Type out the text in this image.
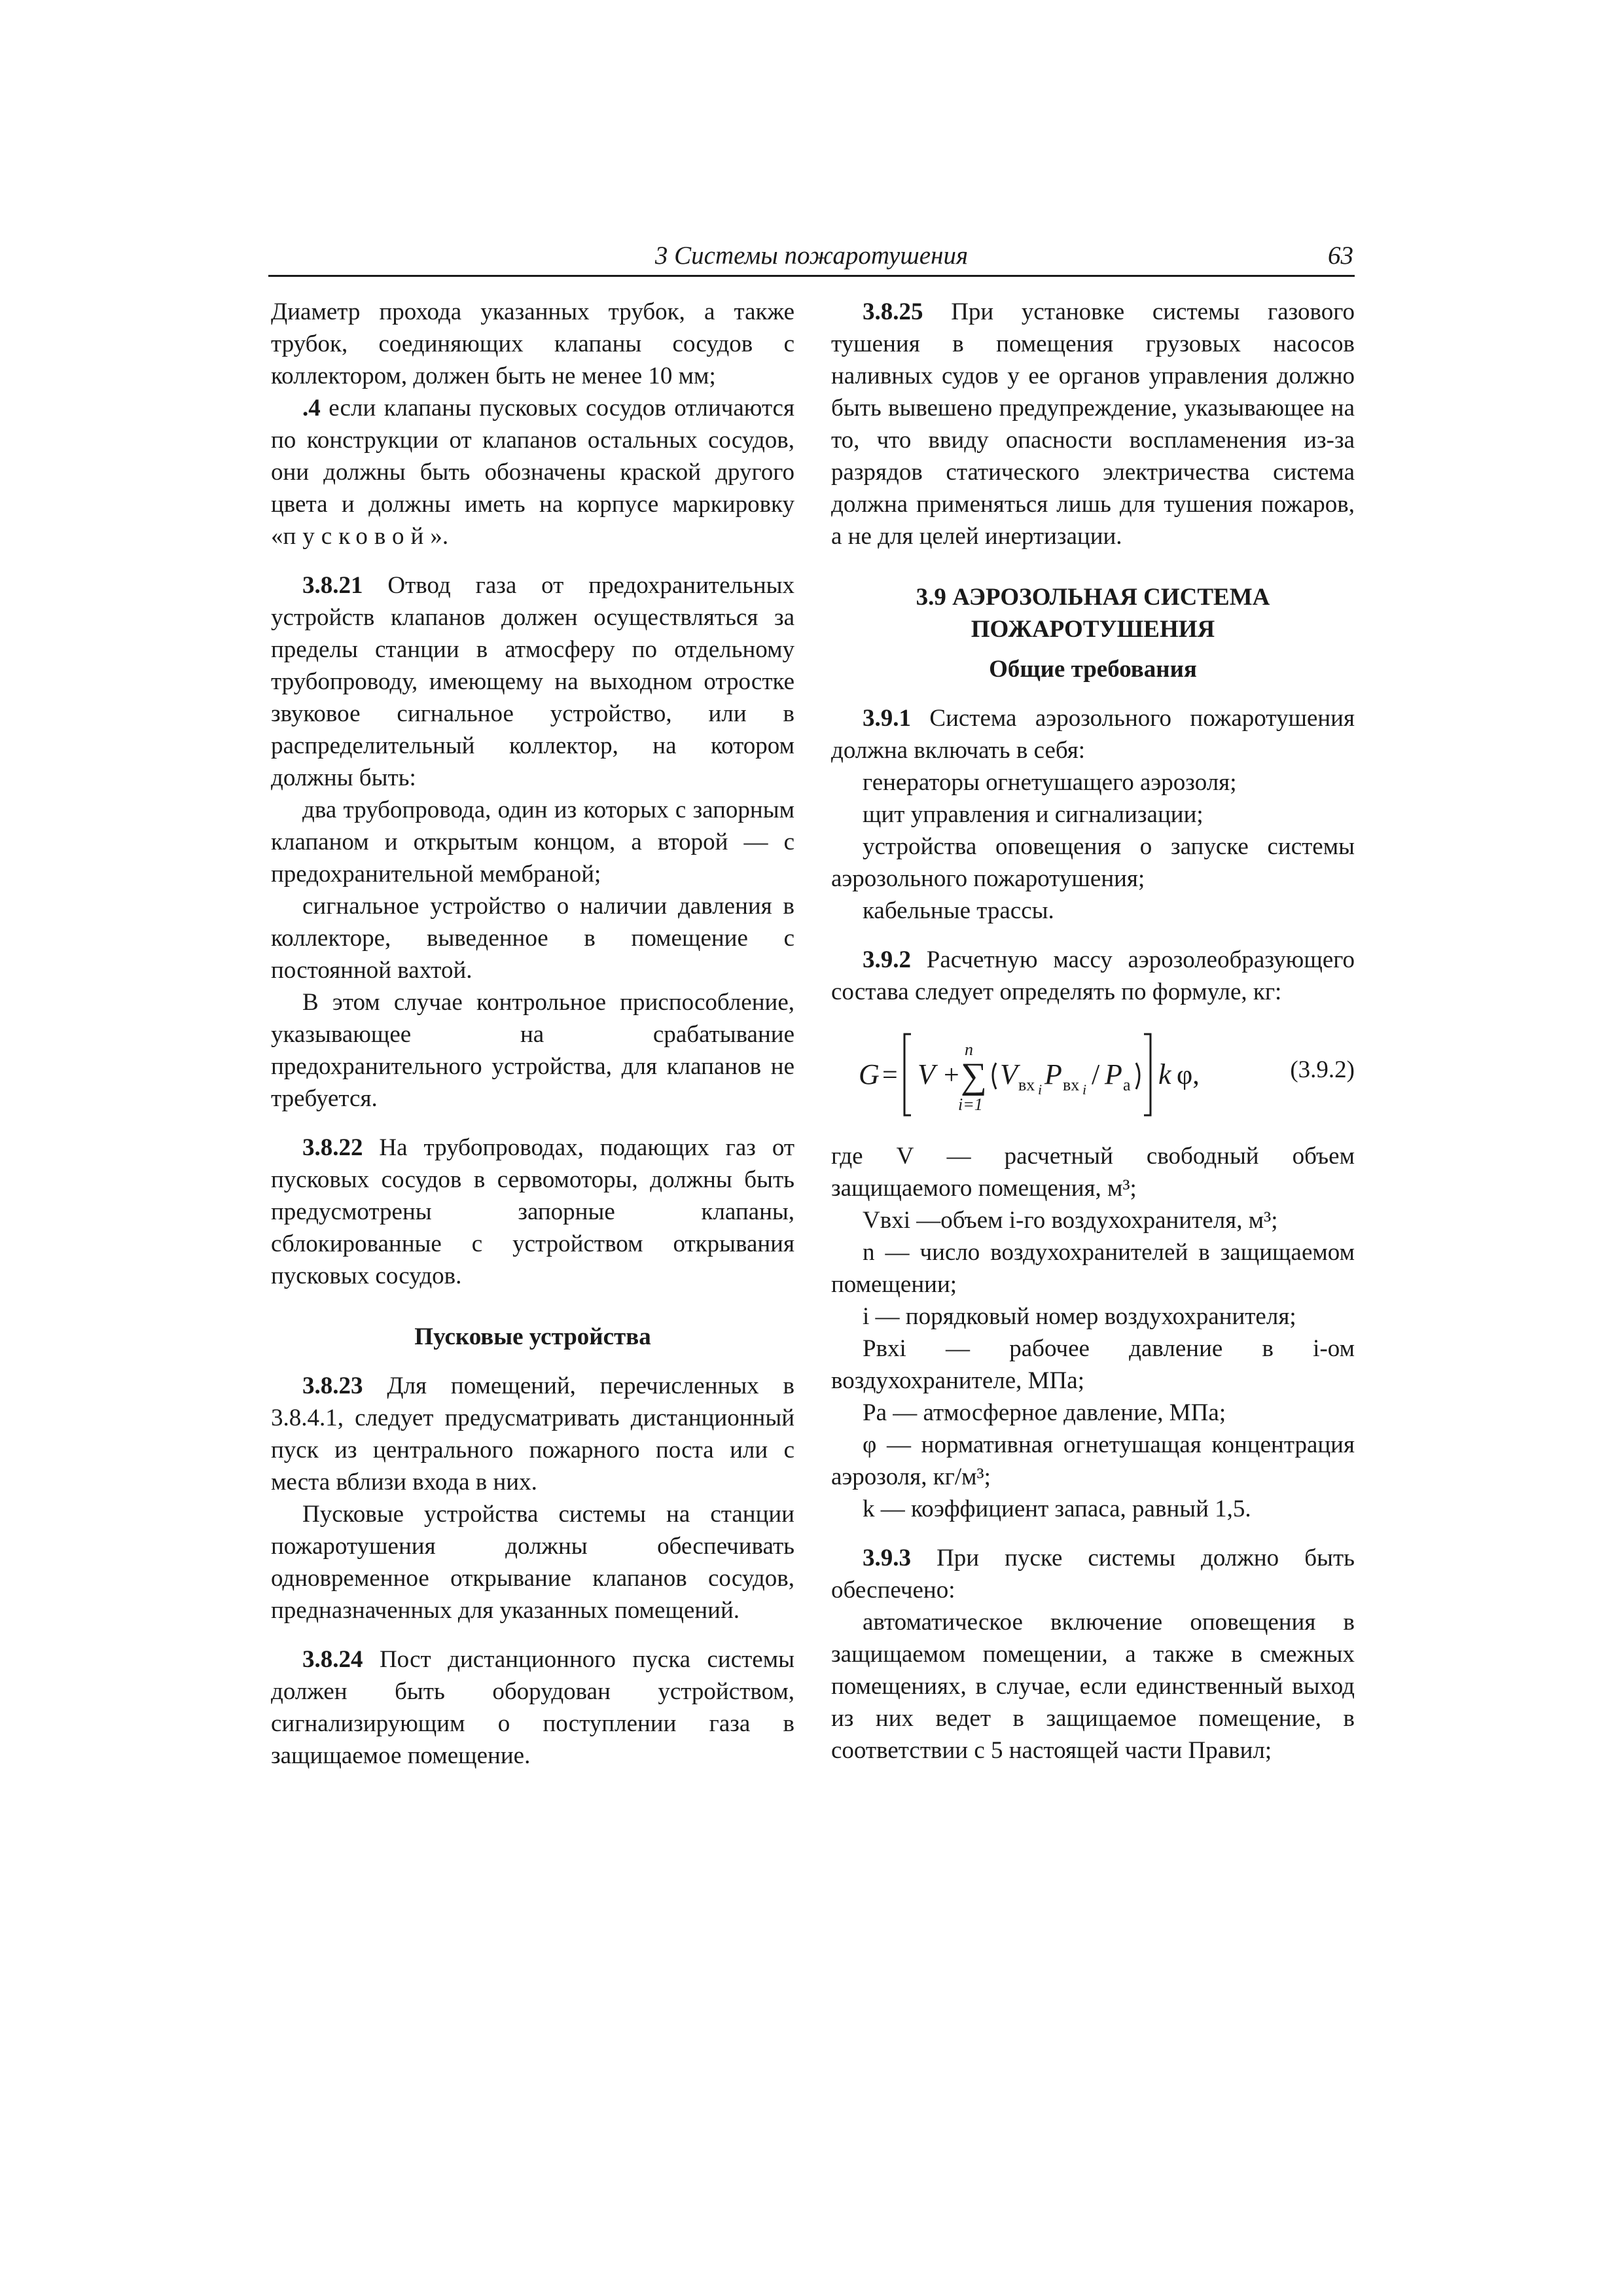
3 Системы пожаротушения	63

Диаметр прохода указанных трубок, а также трубок, соединяющих клапаны сосудов с коллектором, должен быть не менее 10 мм;

.4 если клапаны пусковых сосудов отличаются по конструкции от клапанов остальных сосудов, они должны быть обозначены краской другого цвета и должны иметь на корпусе маркировку «пусковой».

3.8.21 Отвод газа от предохранительных устройств клапанов должен осуществляться за пределы станции в атмосферу по отдельному трубопроводу, имеющему на выходном отростке звуковое сигнальное устройство, или в распределительный коллектор, на котором должны быть:

два трубопровода, один из которых с запорным клапаном и открытым концом, а второй — с предохранительной мембраной;

сигнальное устройство о наличии давления в коллекторе, выведенное в помещение с постоянной вахтой.

В этом случае контрольное приспособление, указывающее на срабатывание предохранительного устройства, для клапанов не требуется.

3.8.22 На трубопроводах, подающих газ от пусковых сосудов в сервомоторы, должны быть предусмотрены запорные клапаны, сблокированные с устройством открывания пусковых сосудов.

Пусковые устройства

3.8.23 Для помещений, перечисленных в 3.8.4.1, следует предусматривать дистанционный пуск из центрального пожарного поста или с места вблизи входа в них.

Пусковые устройства системы на станции пожаротушения должны обеспечивать одновременное открывание клапанов сосудов, предназначенных для указанных помещений.

3.8.24 Пост дистанционного пуска системы должен быть оборудован устройством, сигнализирующим о поступлении газа в защищаемое помещение.

3.8.25 При установке системы газового тушения в помещения грузовых насосов наливных судов у ее органов управления должно быть вывешено предупреждение, указывающее на то, что ввиду опасности воспламенения из-за разрядов статического электричества система должна применяться лишь для тушения пожаров, а не для целей инертизации.

3.9 АЭРОЗОЛЬНАЯ СИСТЕМА

ПОЖАРОТУШЕНИЯ

Общие требования

3.9.1 Система аэрозольного пожаротушения должна включать в себя:

генераторы огнетушащего аэрозоля;

щит управления и сигнализации;

устройства оповещения о запуске системы аэрозольного пожаротушения;

кабельные трассы.

3.9.2 Расчетную массу аэрозолеобразующего состава следует определять по формуле, кг:

G = V +
n
∑
i=1
V вх i P вх i / P а k φ,	(3.9.2)

где V — расчетный свободный объем защищаемого помещения, м³;

Vвхi —объем i-го воздухохранителя, м³;

n — число воздухохранителей в защищаемом помещении;

i — порядковый номер воздухохранителя;

Pвхi — рабочее давление в i-ом воздухохранителе, МПа;

Pа — атмосферное давление, МПа;

φ — нормативная огнетушащая концентрация аэрозоля, кг/м³;

k — коэффициент запаса, равный 1,5.

3.9.3 При пуске системы должно быть обеспечено:

автоматическое включение оповещения в защищаемом помещении, а также в смежных помещениях, в случае, если единственный выход из них ведет в защищаемое помещение, в соответствии с 5 настоящей части Правил;
